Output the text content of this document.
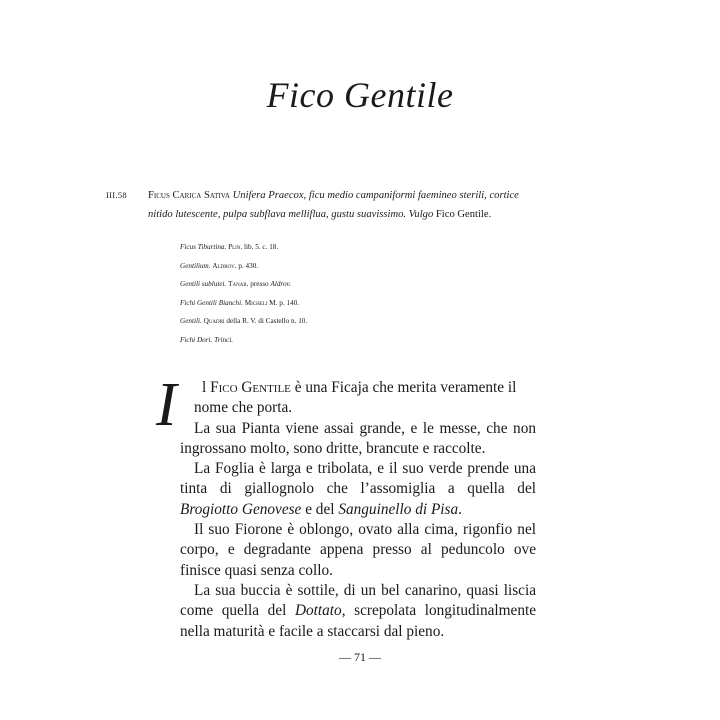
Fico Gentile
III.58 Ficus Carica Sativa Unifera Praecox, ficu medio campaniformi faemineo sterili, cortice nitido lutescente, pulpa subflava melliflua, gustu suavissimo. Vulgo Fico Gentile.
Ficus Tiburtina. Plin. lib. 5. c. 18.
Gentilium. Aldrov. p. 430.
Gentili sublutei. Tanar. presso Aldrov.
Fichi Gentili Bianchi. Micheli M. p. 140.
Gentili. Quadri della R. V. di Castello n. 10.
Fichi Dori. Trinci.
I	l Fico Gentile è una Ficaja che merita veramente il
nome che porta.

La sua Pianta viene assai grande, e le messe, che non ingrossano molto, sono dritte, brancute e raccolte.

La Foglia è larga e tribolata, e il suo verde prende una tinta di giallognolo che l’assomiglia a quella del Brogiotto Genovese e del Sanguinello di Pisa.

Il suo Fiorone è oblongo, ovato alla cima, rigonfio nel corpo, e degradante appena presso al peduncolo ove finisce quasi senza collo.

La sua buccia è sottile, di un bel canarino, quasi liscia come quella del Dottato, screpolata longitudinalmente nella maturità e facile a staccarsi dal pieno.

— 71 —
